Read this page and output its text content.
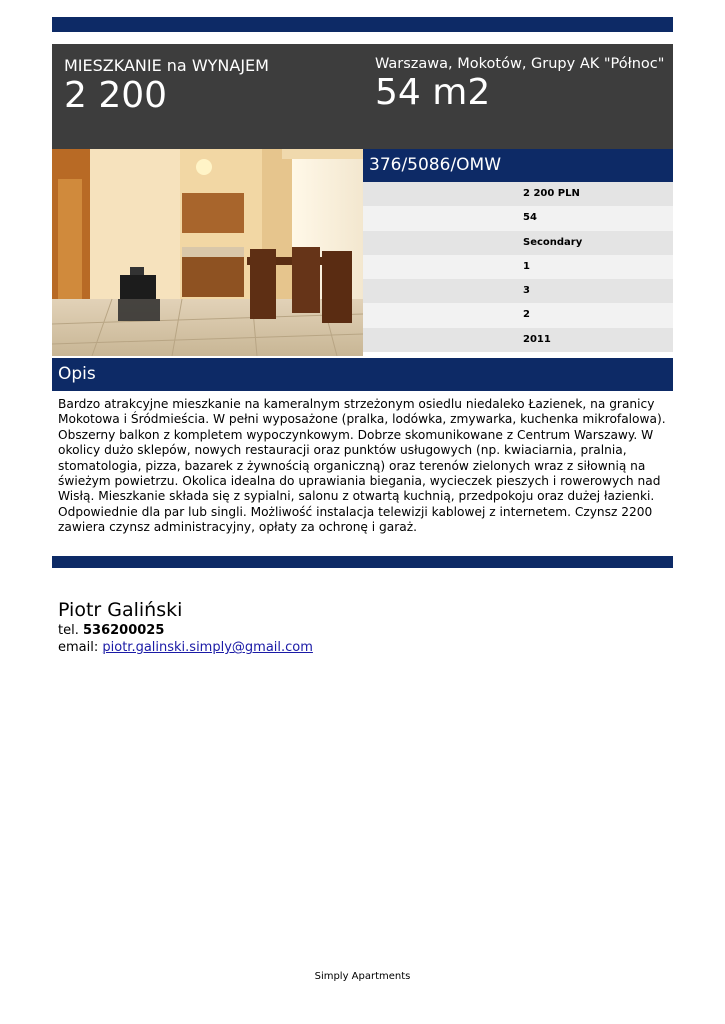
MIESZKANIE na WYNAJEM
2 200
Warszawa, Mokotów, Grupy AK "Północ"
54 m2
376/5086/OMW
2 200 PLN
54
Secondary
1
3
2
2011
Opis
Bardzo atrakcyjne mieszkanie na kameralnym strzeżonym osiedlu niedaleko Łazienek, na granicy Mokotowa i Śródmieścia. W pełni wyposażone (pralka, lodówka, zmywarka, kuchenka mikrofalowa). Obszerny balkon z kompletem wypoczynkowym. Dobrze skomunikowane z Centrum Warszawy. W okolicy dużo sklepów, nowych restauracji oraz punktów usługowych (np. kwiaciarnia, pralnia, stomatologia, pizza, bazarek z żywnością organiczną) oraz terenów zielonych wraz z siłownią na świeżym powietrzu. Okolica idealna do uprawiania biegania, wycieczek pieszych i rowerowych nad Wisłą. Mieszkanie składa się z sypialni, salonu z otwartą kuchnią, przedpokoju oraz dużej łazienki. Odpowiednie dla par lub singli. Możliwość instalacja telewizji kablowej z internetem. Czynsz 2200 zawiera czynsz administracyjny, opłaty za ochronę i garaż.
Piotr Galiński
tel. 536200025
email: piotr.galinski.simply@gmail.com
Simply Apartments
